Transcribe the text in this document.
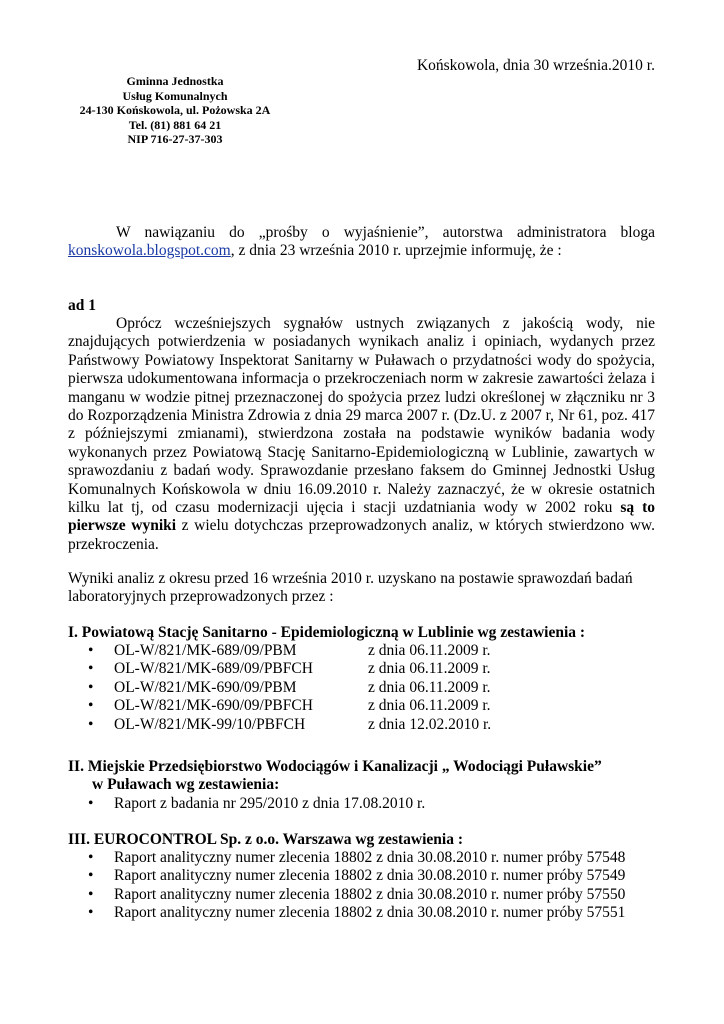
Końskowola, dnia 30 września.2010 r.
Gminna Jednostka
Usług Komunalnych
24-130 Końskowola, ul. Pożowska 2A
Tel. (81) 881 64 21
NIP 716-27-37-303
W nawiązaniu do „prośby o wyjaśnienie”, autorstwa administratora bloga konskowola.blogspot.com, z dnia 23 września 2010 r. uprzejmie informuję, że :
ad 1
Oprócz wcześniejszych sygnałów ustnych związanych z jakością wody, nie znajdujących potwierdzenia w posiadanych wynikach analiz i opiniach, wydanych przez Państwowy Powiatowy Inspektorat Sanitarny w Puławach o przydatności wody do spożycia, pierwsza udokumentowana informacja o przekroczeniach norm w zakresie zawartości żelaza i manganu w wodzie pitnej przeznaczonej do spożycia przez ludzi określonej w złączniku nr 3 do Rozporządzenia Ministra Zdrowia z dnia 29 marca 2007 r. (Dz.U. z 2007 r, Nr 61, poz. 417 z późniejszymi zmianami), stwierdzona została na podstawie wyników badania wody wykonanych przez Powiatową Stację Sanitarno-Epidemiologiczną w Lublinie, zawartych w sprawozdaniu z badań wody. Sprawozdanie przesłano faksem do Gminnej Jednostki Usług Komunalnych Końskowola w dniu 16.09.2010 r. Należy zaznaczyć, że w okresie ostatnich kilku lat tj, od czasu modernizacji ujęcia i stacji uzdatniania wody w 2002 roku są to pierwsze wyniki z wielu dotychczas przeprowadzonych analiz, w których stwierdzono ww. przekroczenia.
Wyniki analiz z okresu przed 16 września 2010 r. uzyskano na postawie sprawozdań badań laboratoryjnych przeprowadzonych przez :
I. Powiatową Stację Sanitarno - Epidemiologiczną w Lublinie wg zestawienia :
• OL-W/821/MK-689/09/PBM	z dnia 06.11.2009 r.
• OL-W/821/MK-689/09/PBFCH	z dnia 06.11.2009 r.
• OL-W/821/MK-690/09/PBM	z dnia 06.11.2009 r.
• OL-W/821/MK-690/09/PBFCH	z dnia 06.11.2009 r.
• OL-W/821/MK-99/10/PBFCH	z dnia 12.02.2010 r.
II. Miejskie Przedsiębiorstwo Wodociągów i Kanalizacji „ Wodociągi Puławskie”
w Puławach wg zestawienia:
• Raport z badania nr 295/2010 z dnia 17.08.2010 r.
III. EUROCONTROL Sp. z o.o. Warszawa wg zestawienia :
• Raport analityczny numer zlecenia 18802 z dnia 30.08.2010 r. numer próby 57548
• Raport analityczny numer zlecenia 18802 z dnia 30.08.2010 r. numer próby 57549
• Raport analityczny numer zlecenia 18802 z dnia 30.08.2010 r. numer próby 57550
• Raport analityczny numer zlecenia 18802 z dnia 30.08.2010 r. numer próby 57551
